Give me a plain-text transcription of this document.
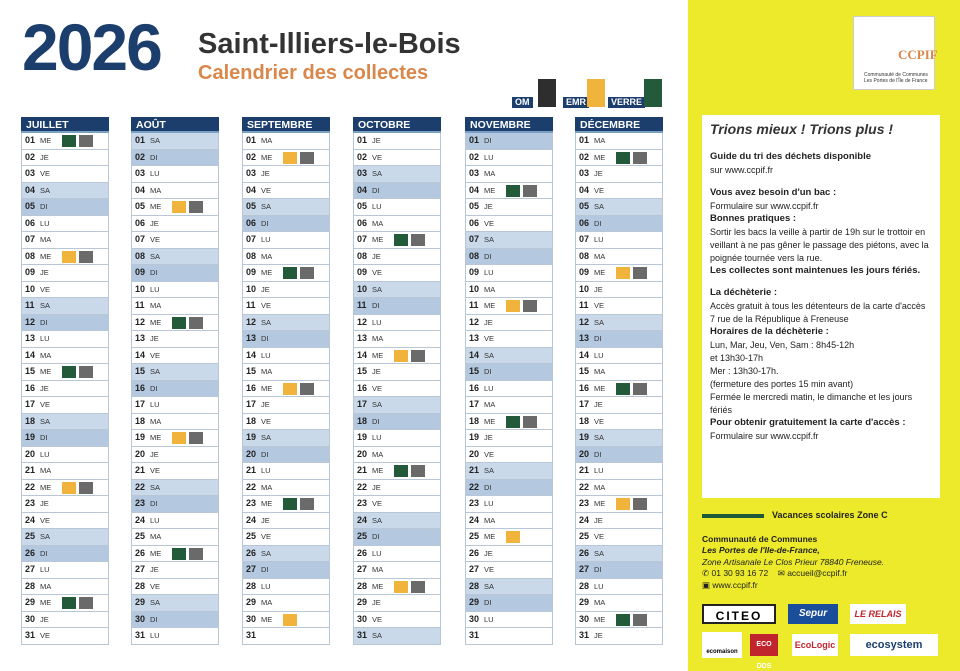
2026 Saint-Illiers-le-Bois
Calendrier des collectes
OM	EMR	VERRE
JUILLET
01 ME
02 JE
03 VE
04 SA
05 DI
06 LU
07 MA
08 ME
09 JE
10 VE
11 SA
12 DI
13 LU
14 MA
15 ME
16 JE
17 VE
18 SA
19 DI
20 LU
21 MA
22 ME
23 JE
24 VE
25 SA
26 DI
27 LU
28 MA
29 ME
30 JE
31 VE
AOÛT
01 SA
02 DI
03 LU
04 MA
05 ME
06 JE
07 VE
08 SA
09 DI
10 LU
11 MA
12 ME
13 JE
14 VE
15 SA
16 DI
17 LU
18 MA
19 ME
20 JE
21 VE
22 SA
23 DI
24 LU
25 MA
26 ME
27 JE
28 VE
29 SA
30 DI
31 LU
SEPTEMBRE
01 MA
02 ME
03 JE
04 VE
05 SA
06 DI
07 LU
08 MA
09 ME
10 JE
11 VE
12 SA
13 DI
14 LU
15 MA
16 ME
17 JE
18 VE
19 SA
20 DI
21 LU
22 MA
23 ME
24 JE
25 VE
26 SA
27 DI
28 LU
29 MA
30 ME
31
OCTOBRE
01 JE
02 VE
03 SA
04 DI
05 LU
06 MA
07 ME
08 JE
09 VE
10 SA
11 DI
12 LU
13 MA
14 ME
15 JE
16 VE
17 SA
18 DI
19 LU
20 MA
21 ME
22 JE
23 VE
24 SA
25 DI
26 LU
27 MA
28 ME
29 JE
30 VE
31 SA
NOVEMBRE
01 DI
02 LU
03 MA
04 ME
05 JE
06 VE
07 SA
08 DI
09 LU
10 MA
11 ME
12 JE
13 VE
14 SA
15 DI
16 LU
17 MA
18 ME
19 JE
20 VE
21 SA
22 DI
23 LU
24 MA
25 ME
26 JE
27 VE
28 SA
29 DI
30 LU
31
DÉCEMBRE
01 MA
02 ME
03 JE
04 VE
05 SA
06 DI
07 LU
08 MA
09 ME
10 JE
11 VE
12 SA
13 DI
14 LU
15 MA
16 ME
17 JE
18 VE
19 SA
20 DI
21 LU
22 MA
23 ME
24 JE
25 VE
26 SA
27 DI
28 LU
29 MA
30 ME
31 JE
CCPIF
Communauté de Communes Les Portes de l'Île de France
Trions mieux ! Trions plus !
Guide du tri des déchets disponible
sur www.ccpif.fr
Vous avez besoin d'un bac :
Formulaire sur www.ccpif.fr
Bonnes pratiques :
Sortir les bacs la veille à partir de 19h sur le trottoir en veillant à ne pas gêner le passage des piétons, avec la poignée tournée vers la rue.
Les collectes sont maintenues les jours fériés.
La déchèterie :
Accès gratuit à tous les détenteurs de la carte d'accès
7 rue de la République à Freneuse
Horaires de la déchèterie :
Lun, Mar, Jeu, Ven, Sam : 8h45-12h
et 13h30-17h
Mer : 13h30-17h.
(fermeture des portes 15 min avant)
Fermée le mercredi matin, le dimanche et les jours fériés
Pour obtenir gratuitement la carte d'accès :
Formulaire sur www.ccpif.fr
Vacances scolaires Zone C
Communauté de Communes
Les Portes de l'Ile-de-France,
Zone Artisanale Le Clos Prieur 78840 Freneuse.
✆ 01 30 93 16 72 ✉ accueil@ccpif.fr
▣ www.ccpif.fr
CITEO	Sepur	LE RELAIS
ecomaison
ECO DDS
EcoLogic	ecosystem
